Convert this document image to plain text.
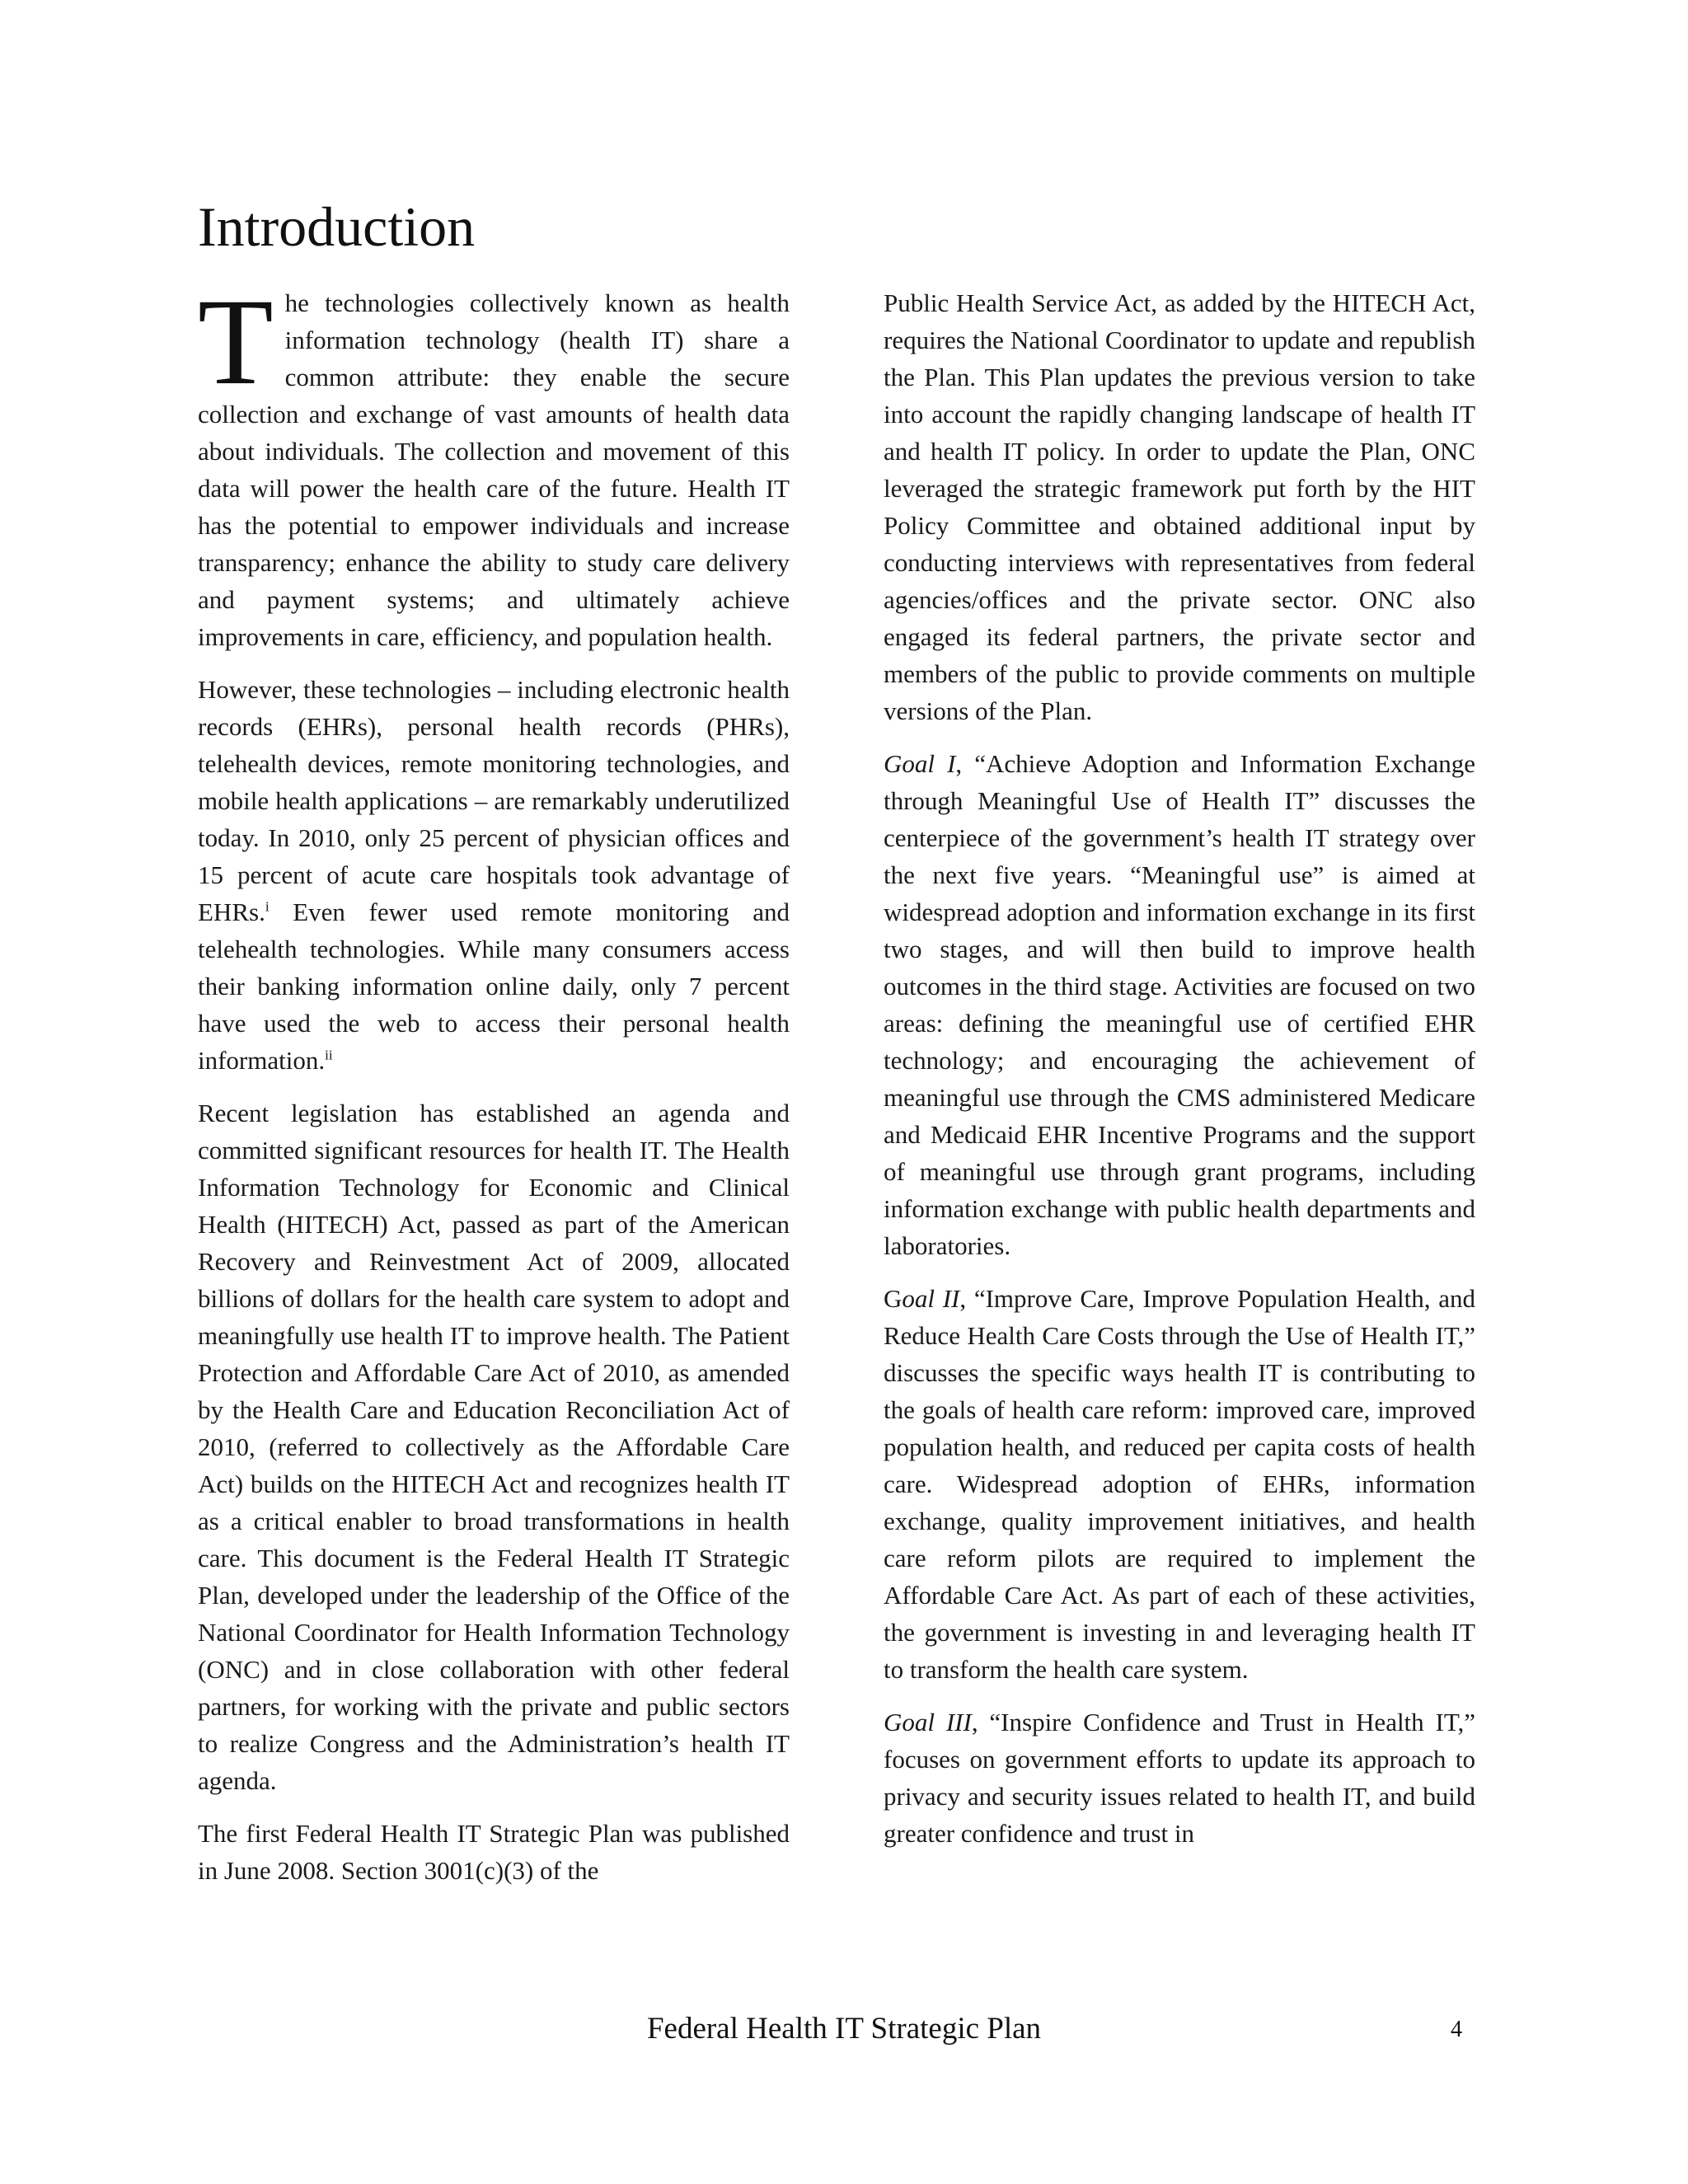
Introduction

The technologies collectively known as health information technology (health IT) share a common attribute: they enable the secure collection and exchange of vast amounts of health data about individuals. The collection and movement of this data will power the health care of the future. Health IT has the potential to empower individuals and increase transparency; enhance the ability to study care delivery and payment systems; and ultimately achieve improvements in care, efficiency, and population health.

However, these technologies – including electronic health records (EHRs), personal health records (PHRs), telehealth devices, remote monitoring technologies, and mobile health applications – are remarkably underutilized today. In 2010, only 25 percent of physician offices and 15 percent of acute care hospitals took advantage of EHRs.$^i$ Even fewer used remote monitoring and telehealth technologies. While many consumers access their banking information online daily, only 7 percent have used the web to access their personal health information.$^{ii}$

Recent legislation has established an agenda and committed significant resources for health IT. The Health Information Technology for Economic and Clinical Health (HITECH) Act, passed as part of the American Recovery and Reinvestment Act of 2009, allocated billions of dollars for the health care system to adopt and meaningfully use health IT to improve health. The Patient Protection and Affordable Care Act of 2010, as amended by the Health Care and Education Reconciliation Act of 2010, (referred to collectively as the Affordable Care Act) builds on the HITECH Act and recognizes health IT as a critical enabler to broad transformations in health care. This document is the Federal Health IT Strategic Plan, developed under the leadership of the Office of the National Coordinator for Health Information Technology (ONC) and in close collaboration with other federal partners, for working with the private and public sectors to realize Congress and the Administration’s health IT agenda.

The first Federal Health IT Strategic Plan was published in June 2008. Section 3001(c)(3) of the

Public Health Service Act, as added by the HITECH Act, requires the National Coordinator to update and republish the Plan. This Plan updates the previous version to take into account the rapidly changing landscape of health IT and health IT policy. In order to update the Plan, ONC leveraged the strategic framework put forth by the HIT Policy Committee and obtained additional input by conducting interviews with representatives from federal agencies/offices and the private sector. ONC also engaged its federal partners, the private sector and members of the public to provide comments on multiple versions of the Plan.

Goal I, “Achieve Adoption and Information Exchange through Meaningful Use of Health IT” discusses the centerpiece of the government’s health IT strategy over the next five years. “Meaningful use” is aimed at widespread adoption and information exchange in its first two stages, and will then build to improve health outcomes in the third stage. Activities are focused on two areas: defining the meaningful use of certified EHR technology; and encouraging the achievement of meaningful use through the CMS administered Medicare and Medicaid EHR Incentive Programs and the support of meaningful use through grant programs, including information exchange with public health departments and laboratories.

Goal II, “Improve Care, Improve Population Health, and Reduce Health Care Costs through the Use of Health IT,” discusses the specific ways health IT is contributing to the goals of health care reform: improved care, improved population health, and reduced per capita costs of health care. Widespread adoption of EHRs, information exchange, quality improvement initiatives, and health care reform pilots are required to implement the Affordable Care Act. As part of each of these activities, the government is investing in and leveraging health IT to transform the health care system.

Goal III, “Inspire Confidence and Trust in Health IT,” focuses on government efforts to update its approach to privacy and security issues related to health IT, and build greater confidence and trust in

Federal Health IT Strategic Plan	4
